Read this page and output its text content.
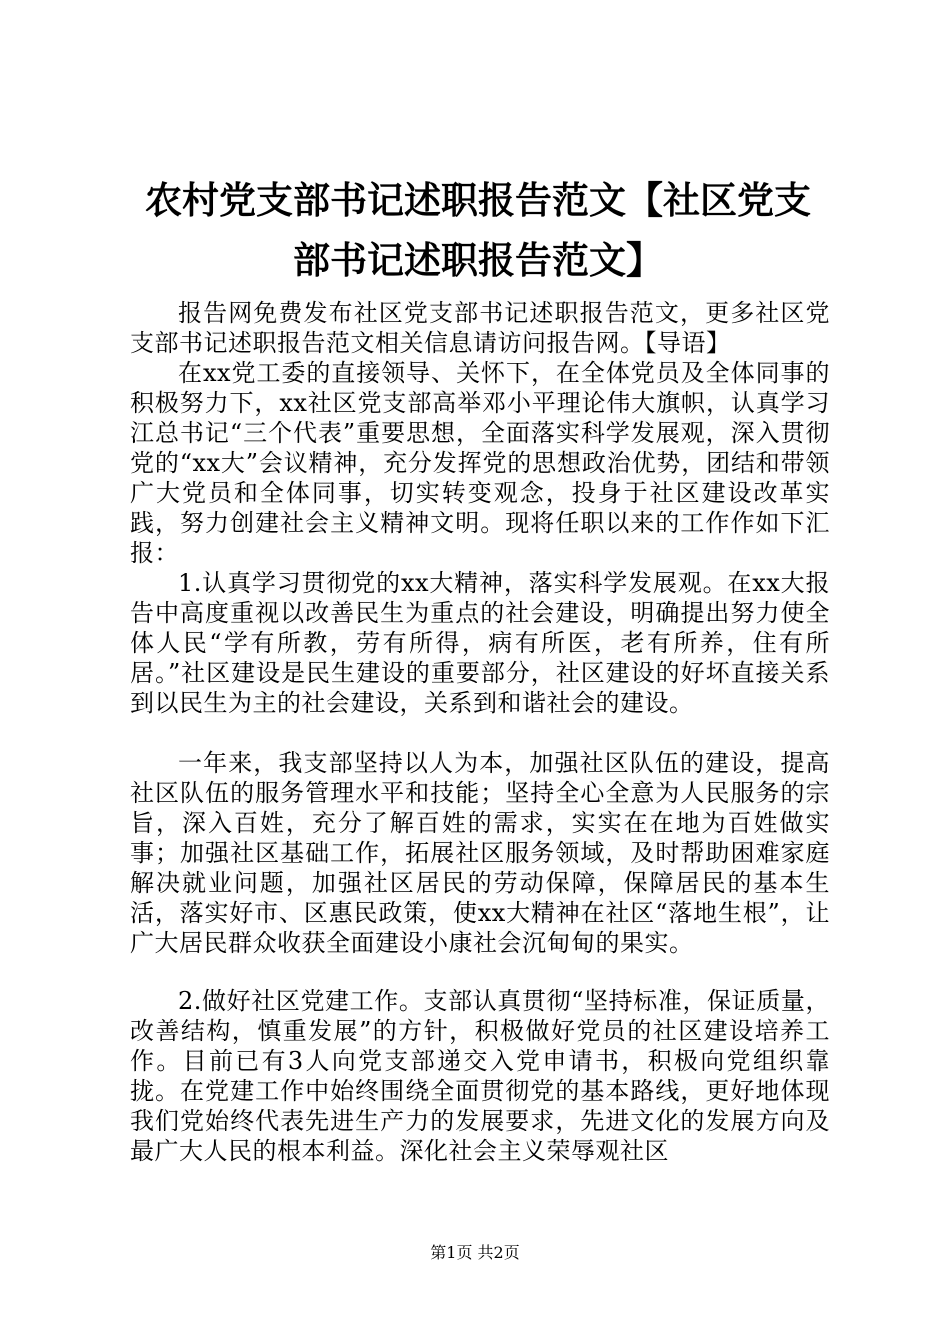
农村党支部书记述职报告范文【社区党支部书记述职报告范文】

报告网免费发布社区党支部书记述职报告范文，更多社区党支部书记述职报告范文相关信息请访问报告网。【导语】

在xx党工委的直接领导、关怀下，在全体党员及全体同事的积极努力下，xx社区党支部高举邓小平理论伟大旗帜，认真学习江总书记“三个代表”重要思想，全面落实科学发展观，深入贯彻党的“xx大”会议精神，充分发挥党的思想政治优势，团结和带领广大党员和全体同事，切实转变观念，投身于社区建设改革实践，努力创建社会主义精神文明。现将任职以来的工作作如下汇报：

1.认真学习贯彻党的xx大精神，落实科学发展观。在xx大报告中高度重视以改善民生为重点的社会建设，明确提出努力使全体人民“学有所教，劳有所得，病有所医，老有所养，住有所居。”社区建设是民生建设的重要部分，社区建设的好坏直接关系到以民生为主的社会建设，关系到和谐社会的建设。

一年来，我支部坚持以人为本，加强社区队伍的建设，提高社区队伍的服务管理水平和技能；坚持全心全意为人民服务的宗旨，深入百姓，充分了解百姓的需求，实实在在地为百姓做实事；加强社区基础工作，拓展社区服务领域，及时帮助困难家庭解决就业问题，加强社区居民的劳动保障，保障居民的基本生活，落实好市、区惠民政策，使xx大精神在社区“落地生根”，让广大居民群众收获全面建设小康社会沉甸甸的果实。

2.做好社区党建工作。支部认真贯彻“坚持标准，保证质量，改善结构，慎重发展”的方针，积极做好党员的社区建设培养工作。目前已有3人向党支部递交入党申请书，积极向党组织靠拢。在党建工作中始终围绕全面贯彻党的基本路线，更好地体现我们党始终代表先进生产力的发展要求，先进文化的发展方向及最广大人民的根本利益。深化社会主义荣辱观社区

第1页 共2页
